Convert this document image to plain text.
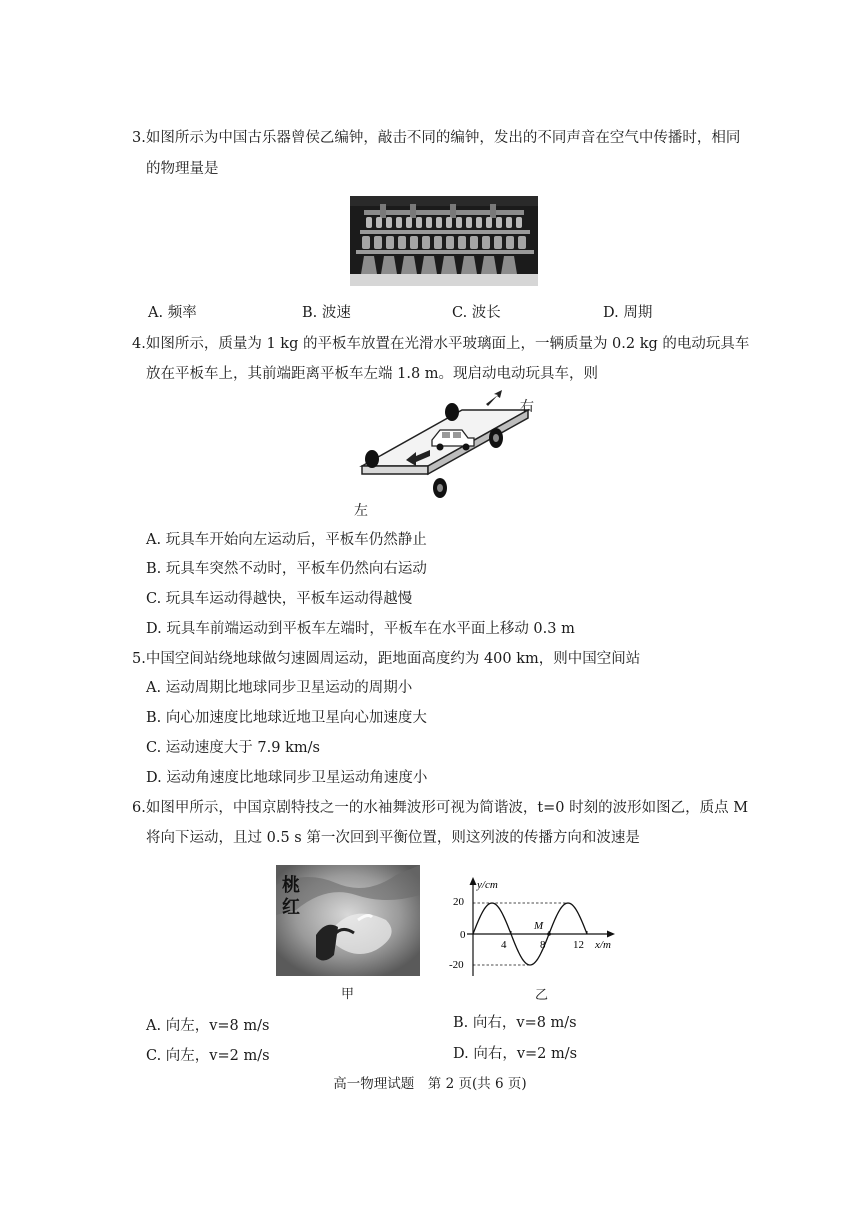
3.如图所示为中国古乐器曾侯乙编钟，敲击不同的编钟，发出的不同声音在空气中传播时，相同
的物理量是
A. 频率	B. 波速	C. 波长	D. 周期
4.如图所示，质量为 1 kg 的平板车放置在光滑水平玻璃面上，一辆质量为 0.2 kg 的电动玩具车
放在平板车上，其前端距离平板车左端 1.8 m。现启动电动玩具车，则
右
左
A. 玩具车开始向左运动后，平板车仍然静止
B. 玩具车突然不动时，平板车仍然向右运动
C. 玩具车运动得越快，平板车运动得越慢
D. 玩具车前端运动到平板车左端时，平板车在水平面上移动 0.3 m
5.中国空间站绕地球做匀速圆周运动，距地面高度约为 400 km，则中国空间站
A. 运动周期比地球同步卫星运动的周期小
B. 向心加速度比地球近地卫星向心加速度大
C. 运动速度大于 7.9 km/s
D. 运动角速度比地球同步卫星运动角速度小
6.如图甲所示，中国京剧特技之一的水袖舞波形可视为简谐波，t=0 时刻的波形如图乙，质点 M
将向下运动，且过 0.5 s 第一次回到平衡位置，则这列波的传播方向和波速是
桃红
甲
y/cm
x/m
20
0
-20
4	8	12
M
乙
A. 向左，v=8 m/s	B. 向右，v=8 m/s
C. 向左，v=2 m/s	D. 向右，v=2 m/s
高一物理试题　第 2 页(共 6 页)
